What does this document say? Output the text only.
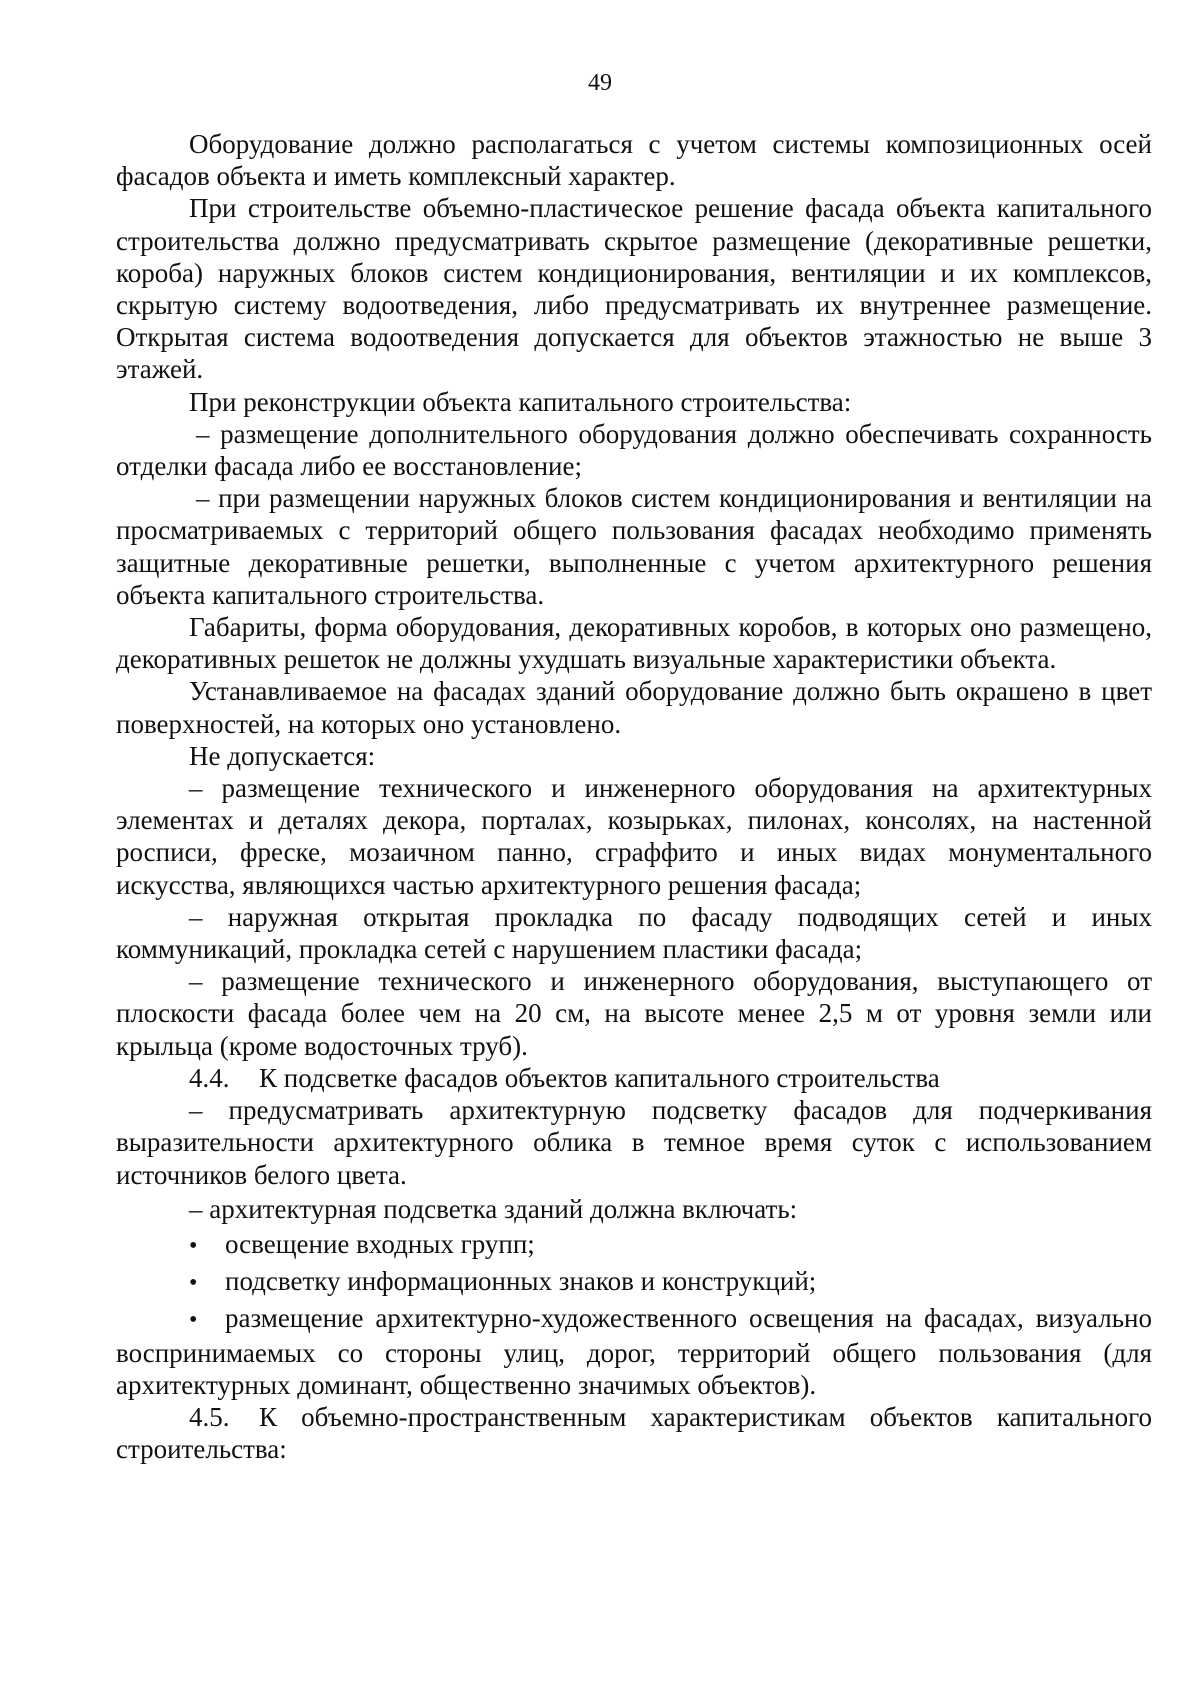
49

Оборудование должно располагаться с учетом системы композиционных осей фасадов объекта и иметь комплексный характер.

При строительстве объемно-пластическое решение фасада объекта капитального строительства должно предусматривать скрытое размещение (декоративные решетки, короба) наружных блоков систем кондиционирования, вентиляции и их комплексов, скрытую систему водоотведения, либо предусматривать их внутреннее размещение. Открытая система водоотведения допускается для объектов этажностью не выше 3 этажей.

При реконструкции объекта капитального строительства:

– размещение дополнительного оборудования должно обеспечивать сохранность отделки фасада либо ее восстановление;

– при размещении наружных блоков систем кондиционирования и вентиляции на просматриваемых с территорий общего пользования фасадах необходимо применять защитные декоративные решетки, выполненные с учетом архитектурного решения объекта капитального строительства.

Габариты, форма оборудования, декоративных коробов, в которых оно размещено, декоративных решеток не должны ухудшать визуальные характеристики объекта.

Устанавливаемое на фасадах зданий оборудование должно быть окрашено в цвет поверхностей, на которых оно установлено.

Не допускается:

– размещение технического и инженерного оборудования на архитектурных элементах и деталях декора, порталах, козырьках, пилонах, консолях, на настенной росписи, фреске, мозаичном панно, сграффито и иных видах монументального искусства, являющихся частью архитектурного решения фасада;

– наружная открытая прокладка по фасаду подводящих сетей и иных коммуникаций, прокладка сетей с нарушением пластики фасада;

– размещение технического и инженерного оборудования, выступающего от плоскости фасада более чем на 20 см, на высоте менее 2,5 м от уровня земли или крыльца (кроме водосточных труб).

4.4. К подсветке фасадов объектов капитального строительства

– предусматривать архитектурную подсветку фасадов для подчеркивания выразительности архитектурного облика в темное время суток с использованием источников белого цвета.

– архитектурная подсветка зданий должна включать:

•	освещение входных групп;
•	подсветку информационных знаков и конструкций;

• размещение архитектурно-художественного освещения на фасадах, визуально воспринимаемых со стороны улиц, дорог, территорий общего пользования (для архитектурных доминант, общественно значимых объектов).

4.5. К объемно-пространственным характеристикам объектов капитального строительства:
